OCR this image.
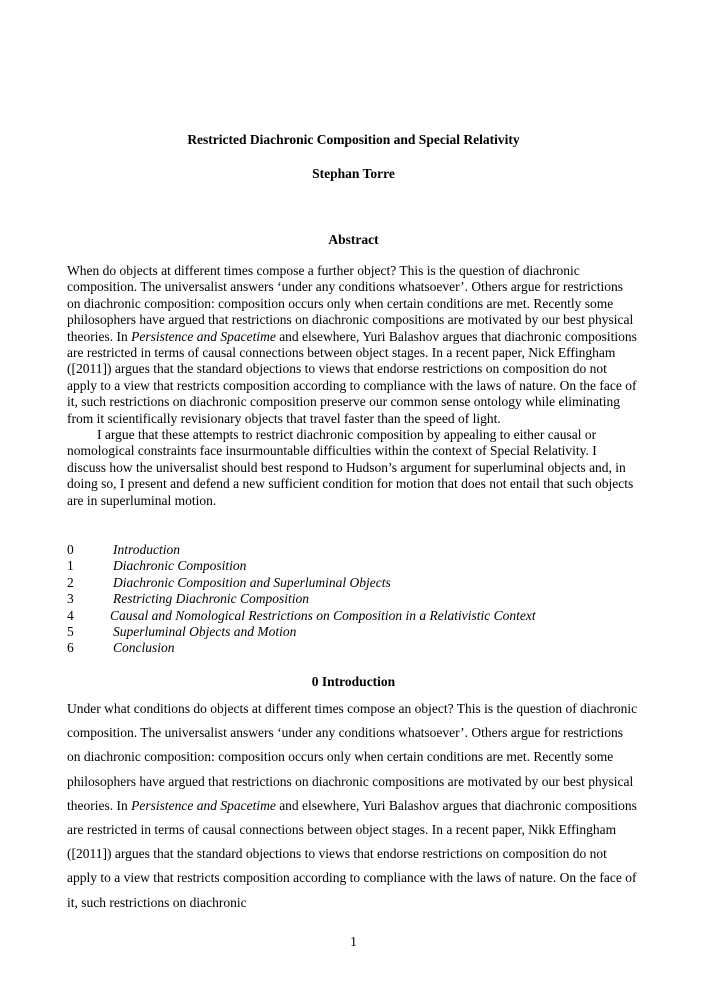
Restricted Diachronic Composition and Special Relativity
Stephan Torre
Abstract

When do objects at different times compose a further object? This is the question of diachronic composition. The universalist answers ‘under any conditions whatsoever’. Others argue for restrictions on diachronic composition: composition occurs only when certain conditions are met. Recently some philosophers have argued that restrictions on diachronic compositions are motivated by our best physical theories. In Persistence and Spacetime and elsewhere, Yuri Balashov argues that diachronic compositions are restricted in terms of causal connections between object stages. In a recent paper, Nick Effingham ([2011]) argues that the standard objections to views that endorse restrictions on composition do not apply to a view that restricts composition according to compliance with the laws of nature. On the face of it, such restrictions on diachronic composition preserve our common sense ontology while eliminating from it scientifically revisionary objects that travel faster than the speed of light.

I argue that these attempts to restrict diachronic composition by appealing to either causal or nomological constraints face insurmountable difficulties within the context of Special Relativity. I discuss how the universalist should best respond to Hudson’s argument for superluminal objects and, in doing so, I present and defend a new sufficient condition for motion that does not entail that such objects are in superluminal motion.

0	Introduction
1	Diachronic Composition
2	Diachronic Composition and Superluminal Objects
3	Restricting Diachronic Composition
4	Causal and Nomological Restrictions on Composition in a Relativistic Context
5	Superluminal Objects and Motion
6	Conclusion
0 Introduction

Under what conditions do objects at different times compose an object? This is the question of diachronic composition. The universalist answers ‘under any conditions whatsoever’. Others argue for restrictions on diachronic composition: composition occurs only when certain conditions are met. Recently some philosophers have argued that restrictions on diachronic compositions are motivated by our best physical theories. In Persistence and Spacetime and elsewhere, Yuri Balashov argues that diachronic compositions are restricted in terms of causal connections between object stages. In a recent paper, Nikk Effingham ([2011]) argues that the standard objections to views that endorse restrictions on composition do not apply to a view that restricts composition according to compliance with the laws of nature. On the face of it, such restrictions on diachronic

1
